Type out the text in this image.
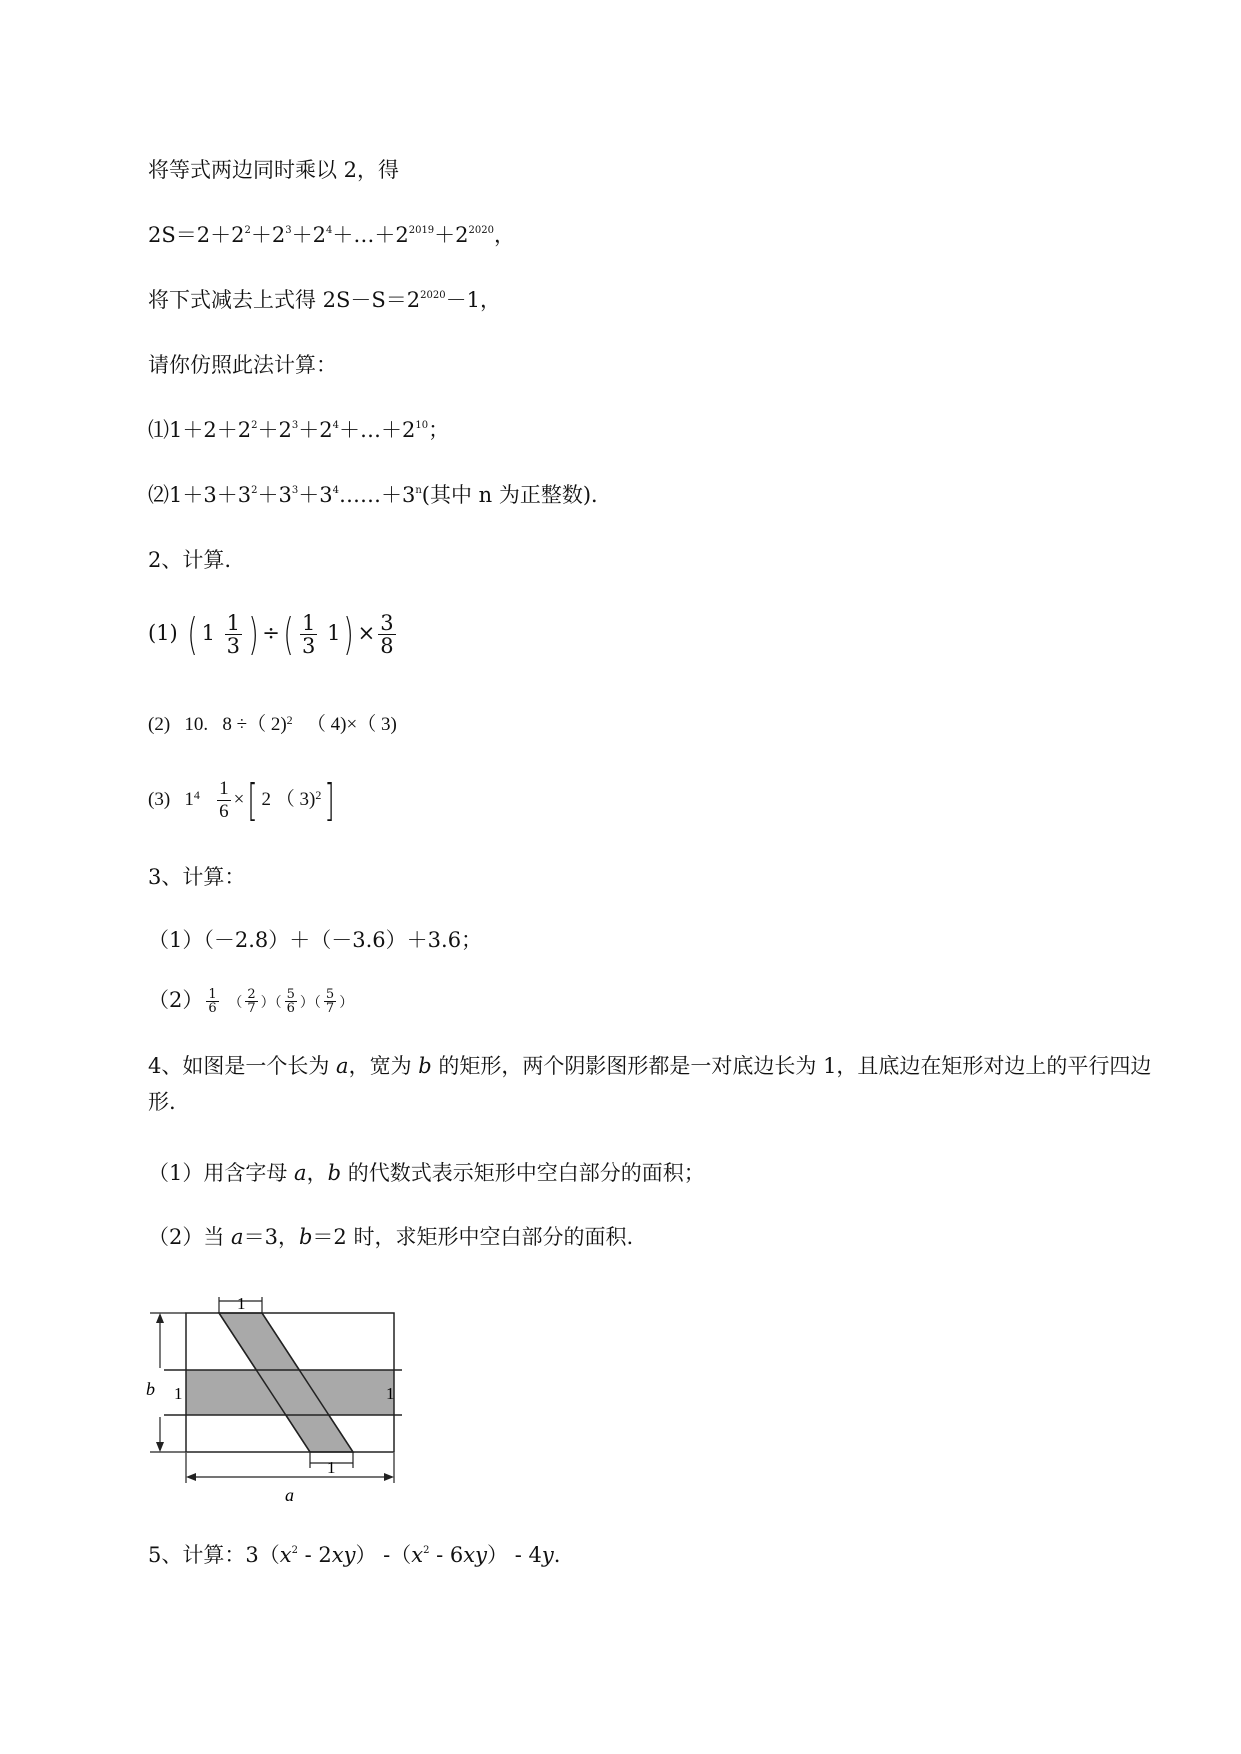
将等式两边同时乘以 2，得
$2S=2+2^2+2^3+2^4+\dots+2^{2019}+2^{2020}$，
将下式减去上式得 $2S-S=2^{2020}-1$，
请你仿照此法计算：
$⑴1+2+2^2+2^3+2^4+\dots+2^{10}$；
$⑵1+3+3^2+3^3+3^4\dots\dots+3^n$(其中 n 为正整数)．
2、计算.
(1) ( $1 \frac{1}{3}$ ) ÷( $\frac{1}{3} 1) \times \frac{3}{8}$
(2) 10. 8 ÷（ 2)$^2$ （ 4)×（ 3)
(3) $1^4 \frac{1}{6}$ ×[ 2 （ 3)$^2$]
3、计算：
（1）（－2.8）＋（－3.6）＋3.6；
$(2) \frac{1}{6}$ （ $\frac{2}{7}$ ）（ $\frac{5}{6}$ ）（ $\frac{5}{7}$ ）
4、如图是一个长为 a，宽为 b 的矩形，两个阴影图形都是一对底边长为 1，且底边在矩形对边上的平行四边形.
（1）用含字母 a，b 的代数式表示矩形中空白部分的面积；
（2）当 a＝3，b＝2 时，求矩形中空白部分的面积.
1
b 1	1
1
a
5、计算：$3(x^2 - 2xy)$ $-(x^2 - 6xy) - 4y$.
